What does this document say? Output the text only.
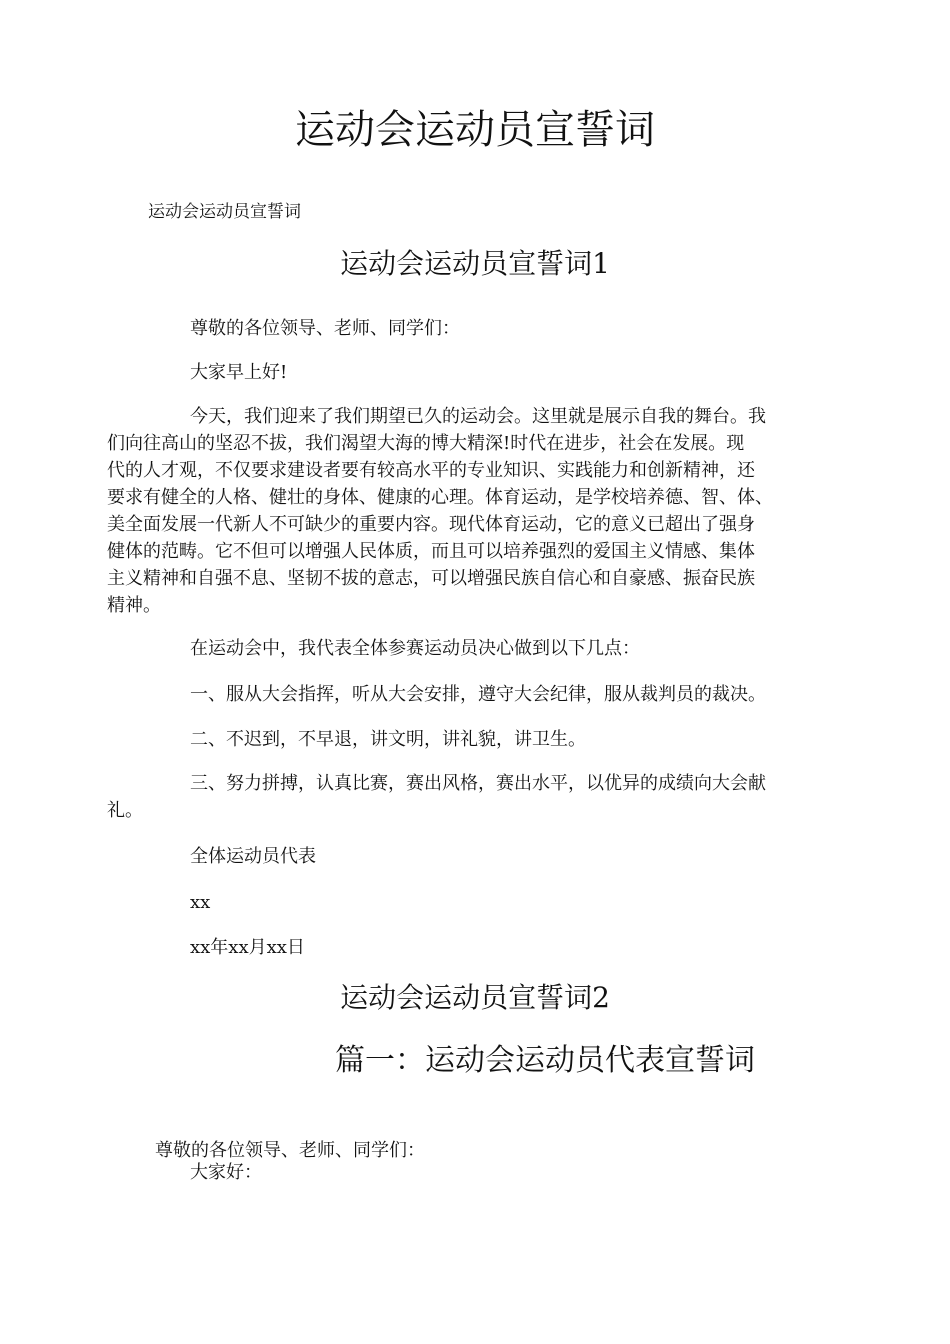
运动会运动员宣誓词
运动会运动员宣誓词
运动会运动员宣誓词1
尊敬的各位领导、老师、同学们：
大家早上好!
今天，我们迎来了我们期望已久的运动会。这里就是展示自我的舞台。我
们向往高山的坚忍不拔，我们渴望大海的博大精深!时代在进步，社会在发展。现
代的人才观，不仅要求建设者要有较高水平的专业知识、实践能力和创新精神，还
要求有健全的人格、健壮的身体、健康的心理。体育运动，是学校培养德、智、体、
美全面发展一代新人不可缺少的重要内容。现代体育运动，它的意义已超出了强身
健体的范畴。它不但可以增强人民体质，而且可以培养强烈的爱国主义情感、集体
主义精神和自强不息、坚韧不拔的意志，可以增强民族自信心和自豪感、振奋民族
精神。
在运动会中，我代表全体参赛运动员决心做到以下几点：
一、服从大会指挥，听从大会安排，遵守大会纪律，服从裁判员的裁决。
二、不迟到，不早退，讲文明，讲礼貌，讲卫生。
三、努力拼搏，认真比赛，赛出风格，赛出水平，以优异的成绩向大会献
礼。
全体运动员代表
xx
xx年xx月xx日
运动会运动员宣誓词2
篇一：运动会运动员代表宣誓词
尊敬的各位领导、老师、同学们：
大家好：
